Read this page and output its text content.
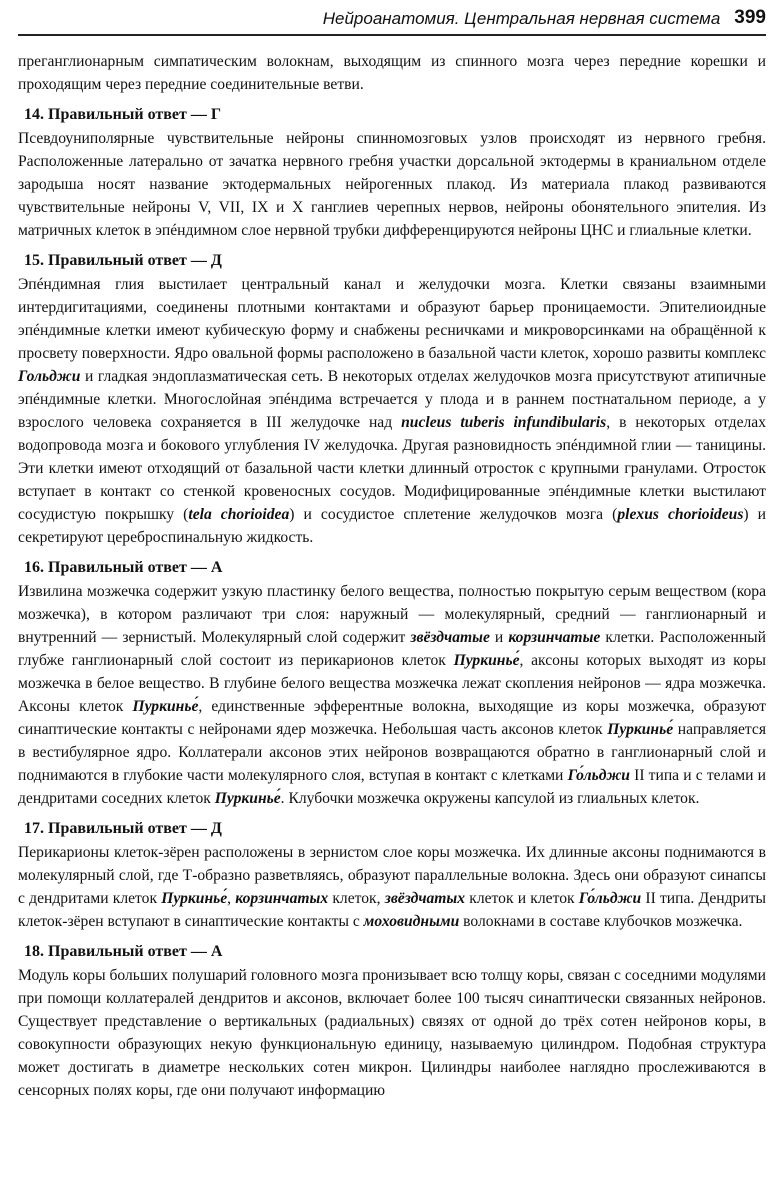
Нейроанатомия. Центральная нервная система 399

преганглионарным симпатическим волокнам, выходящим из спинного мозга через передние корешки и проходящим через передние соединительные ветви.

14. Правильный ответ — Г

Псевдоуниполярные чувствительные нейроны спинномозговых узлов происходят из нервного гребня. Расположенные латерально от зачатка нервного гребня участки дорсальной эктодермы в краниальном отделе зародыша носят название эктодермальных нейрогенных плакод. Из материала плакод развиваются чувствительные нейроны V, VII, IX и X ганглиев черепных нервов, нейроны обонятельного эпителия. Из матричных клеток в эпéндимном слое нервной трубки дифференцируются нейроны ЦНС и глиальные клетки.

15. Правильный ответ — Д

Эпéндимная глия выстилает центральный канал и желудочки мозга. Клетки связаны взаимными интердигитациями, соединены плотными контактами и образуют барьер проницаемости. Эпителиоидные эпéндимные клетки имеют кубическую форму и снабжены ресничками и микроворсинками на обращённой к просвету поверхности. Ядро овальной формы расположено в базальной части клеток, хорошо развиты комплекс Гольджи и гладкая эндоплазматическая сеть. В некоторых отделах желудочков мозга присутствуют атипичные эпéндимные клетки. Многослойная эпéндима встречается у плода и в раннем постнатальном периоде, а у взрослого человека сохраняется в III желудочке над nucleus tuberis infundibularis, в некоторых отделах водопровода мозга и бокового углубления IV желудочка. Другая разновидность эпéндимной глии — таницины. Эти клетки имеют отходящий от базальной части клетки длинный отросток с крупными гранулами. Отросток вступает в контакт со стенкой кровеносных сосудов. Модифицированные эпéндимные клетки выстилают сосудистую покрышку (tela chorioidea) и сосудистое сплетение желудочков мозга (plexus chorioideus) и секретируют цереброспинальную жидкость.

16. Правильный ответ — А

Извилина мозжечка содержит узкую пластинку белого вещества, полностью покрытую серым веществом (кора мозжечка), в котором различают три слоя: наружный — молекулярный, средний — ганглионарный и внутренний — зернистый. Молекулярный слой содержит звёздчатые и корзинчатые клетки. Расположенный глубже ганглионарный слой состоит из перикарионов клеток Пуркинье́, аксоны которых выходят из коры мозжечка в белое вещество. В глубине белого вещества мозжечка лежат скопления нейронов — ядра мозжечка. Аксоны клеток Пуркинье́, единственные эфферентные волокна, выходящие из коры мозжечка, образуют синаптические контакты с нейронами ядер мозжечка. Небольшая часть аксонов клеток Пуркинье́ направляется в вестибулярное ядро. Коллатерали аксонов этих нейронов возвращаются обратно в ганглионарный слой и поднимаются в глубокие части молекулярного слоя, вступая в контакт с клетками Го́льджи II типа и с телами и дендритами соседних клеток Пуркинье́. Клубочки мозжечка окружены капсулой из глиальных клеток.

17. Правильный ответ — Д

Перикарионы клеток-зёрен расположены в зернистом слое коры мозжечка. Их длинные аксоны поднимаются в молекулярный слой, где Т-образно разветвляясь, образуют параллельные волокна. Здесь они образуют синапсы с дендритами клеток Пуркинье́, корзинчатых клеток, звёздчатых клеток и клеток Го́льджи II типа. Дендриты клеток-зёрен вступают в синаптические контакты с моховидными волокнами в составе клубочков мозжечка.

18. Правильный ответ — А

Модуль коры больших полушарий головного мозга пронизывает всю толщу коры, связан с соседними модулями при помощи коллатералей дендритов и аксонов, включает более 100 тысяч синаптически связанных нейронов. Существует представление о вертикальных (радиальных) связях от одной до трёх сотен нейронов коры, в совокупности образующих некую функциональную единицу, называемую цилиндром. Подобная структура может достигать в диаметре нескольких сотен микрон. Цилиндры наиболее наглядно прослеживаются в сенсорных полях коры, где они получают информацию
